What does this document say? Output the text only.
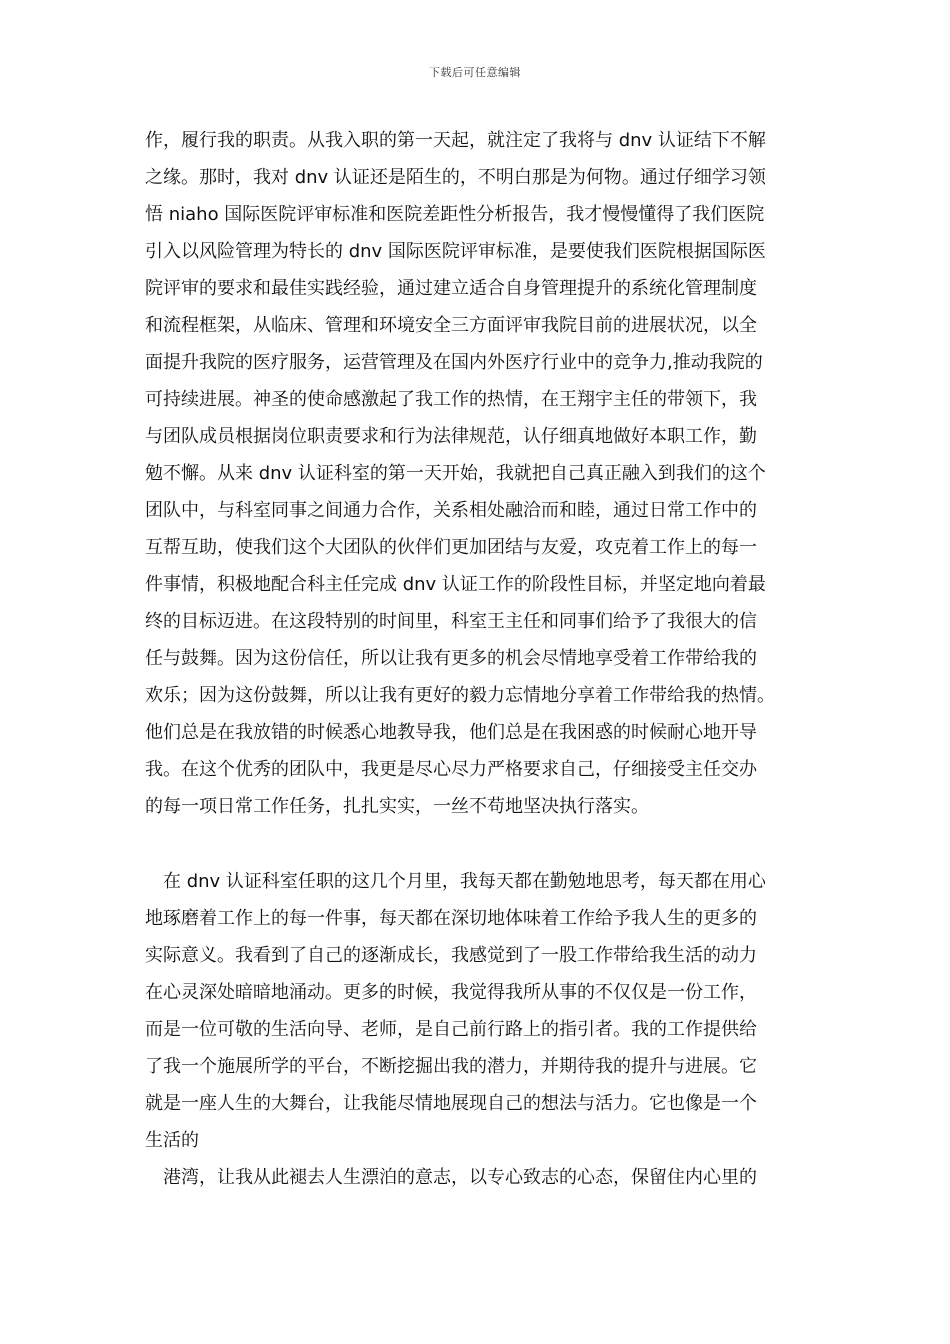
下载后可任意编辑
作，履行我的职责。从我入职的第一天起，就注定了我将与 dnv 认证结下不解
之缘。那时，我对 dnv 认证还是陌生的，不明白那是为何物。通过仔细学习领
悟 niaho 国际医院评审标准和医院差距性分析报告，我才慢慢懂得了我们医院
引入以风险管理为特长的 dnv 国际医院评审标准，是要使我们医院根据国际医
院评审的要求和最佳实践经验，通过建立适合自身管理提升的系统化管理制度
和流程框架，从临床、管理和环境安全三方面评审我院目前的进展状况，以全
面提升我院的医疗服务，运营管理及在国内外医疗行业中的竞争力,推动我院的
可持续进展。神圣的使命感激起了我工作的热情，在王翔宇主任的带领下，我
与团队成员根据岗位职责要求和行为法律规范，认仔细真地做好本职工作，勤
勉不懈。从来 dnv 认证科室的第一天开始，我就把自己真正融入到我们的这个
团队中，与科室同事之间通力合作，关系相处融洽而和睦，通过日常工作中的
互帮互助，使我们这个大团队的伙伴们更加团结与友爱，攻克着工作上的每一
件事情，积极地配合科主任完成 dnv 认证工作的阶段性目标，并坚定地向着最
终的目标迈进。在这段特别的时间里，科室王主任和同事们给予了我很大的信
任与鼓舞。因为这份信任，所以让我有更多的机会尽情地享受着工作带给我的
欢乐；因为这份鼓舞，所以让我有更好的毅力忘情地分享着工作带给我的热情。
他们总是在我放错的时候悉心地教导我，他们总是在我困惑的时候耐心地开导
我。在这个优秀的团队中，我更是尽心尽力严格要求自己，仔细接受主任交办
的每一项日常工作任务，扎扎实实，一丝不苟地坚决执行落实。
在 dnv 认证科室任职的这几个月里，我每天都在勤勉地思考，每天都在用心
地琢磨着工作上的每一件事，每天都在深切地体味着工作给予我人生的更多的
实际意义。我看到了自己的逐渐成长，我感觉到了一股工作带给我生活的动力
在心灵深处暗暗地涌动。更多的时候，我觉得我所从事的不仅仅是一份工作，
而是一位可敬的生活向导、老师，是自己前行路上的指引者。我的工作提供给
了我一个施展所学的平台，不断挖掘出我的潜力，并期待我的提升与进展。它
就是一座人生的大舞台，让我能尽情地展现自己的想法与活力。它也像是一个
生活的
港湾，让我从此褪去人生漂泊的意志，以专心致志的心态，保留住内心里的
